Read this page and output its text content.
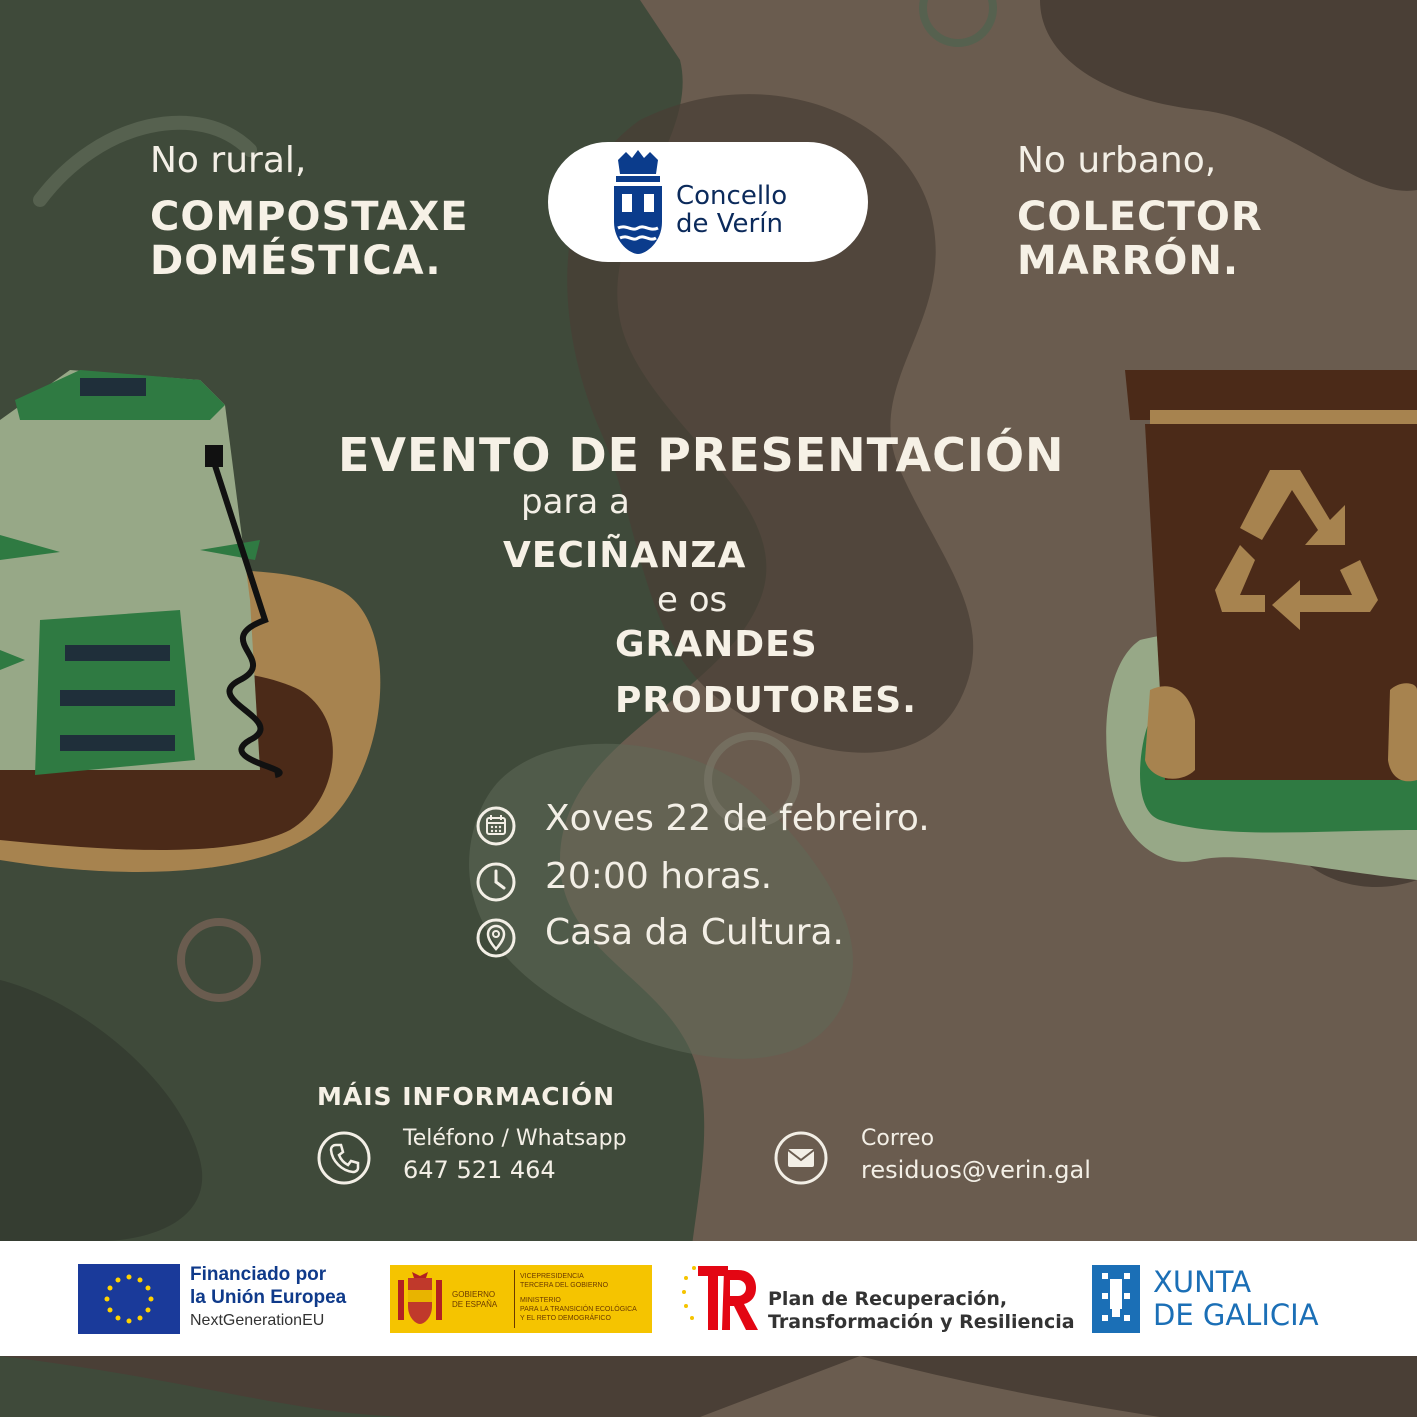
No rural,
COMPOSTAXE
DOMÉSTICA.
No urbano,
COLECTOR
MARRÓN.
Concello
de Verín
EVENTO DE PRESENTACIÓN
para a
VECIÑANZA
e os
GRANDES
PRODUTORES.
Xoves 22 de febreiro.
20:00 horas.
Casa da Cultura.
MÁIS INFORMACIÓN
Teléfono / Whatsapp
647 521 464
Correo
residuos@verin.gal
Financiado por
la Unión Europea
NextGenerationEU
GOBIERNO
DE ESPAÑA
VICEPRESIDENCIA
TERCERA DEL GOBIERNO
MINISTERIO
PARA LA TRANSICIÓN ECOLÓGICA
Y EL RETO DEMOGRÁFICO
Plan de Recuperación,
Transformación y Resiliencia
XUNTA
DE GALICIA
